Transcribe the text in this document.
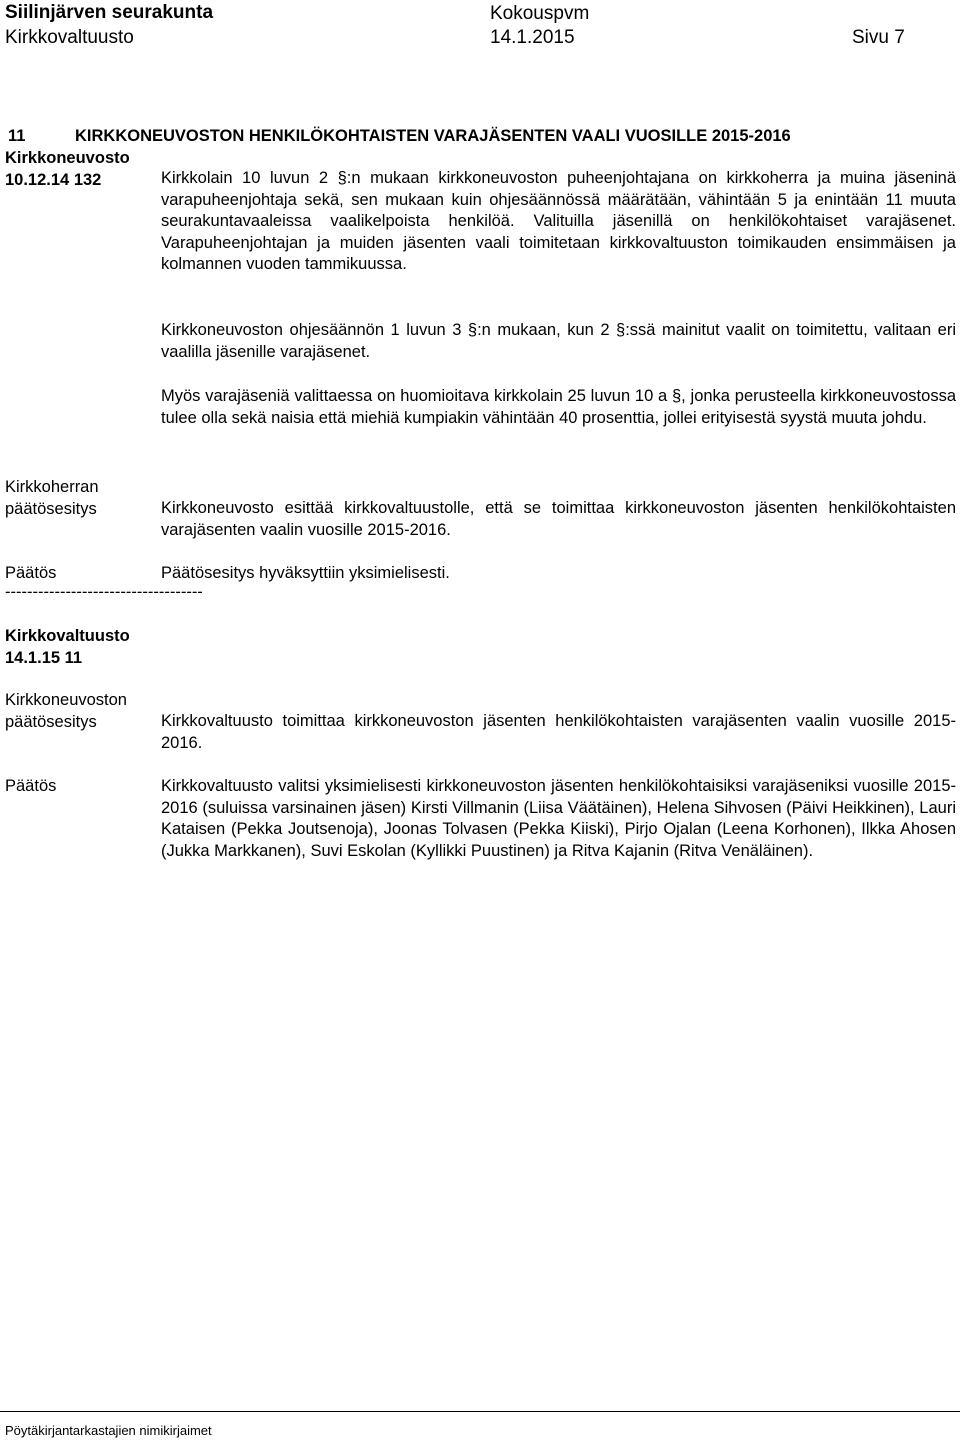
Siilinjärven seurakunta	Kokouspvm
Kirkkovaltuusto	14.1.2015	Sivu 7
11	KIRKKONEUVOSTON HENKILÖKOHTAISTEN VARAJÄSENTEN VAALI VUOSILLE 2015-2016
Kirkkoneuvosto
10.12.14 132	Kirkkolain 10 luvun 2 §:n mukaan kirkkoneuvoston puheenjohtajana on kirkkoherra ja muina jäseninä varapuheenjohtaja sekä, sen mukaan kuin ohjesäännössä määrätään, vähintään 5 ja enintään 11 muuta seurakuntavaaleissa vaalikelpoista henkilöä. Valituilla jäsenillä on henkilökohtaiset varajäsenet. Varapuheenjohtajan ja muiden jäsenten vaali toimitetaan kirkkovaltuuston toimikauden ensimmäisen ja kolmannen vuoden tammikuussa.
Kirkkoneuvoston ohjesäännön 1 luvun 3 §:n mukaan, kun 2 §:ssä mainitut vaalit on toimitettu, valitaan eri vaalilla jäsenille varajäsenet.
Myös varajäseniä valittaessa on huomioitava kirkkolain 25 luvun 10 a §, jonka perusteella kirkkoneuvostossa tulee olla sekä naisia että miehiä kumpiakin vähintään 40 prosenttia, jollei erityisestä syystä muuta johdu.
Kirkkoherran
päätösesitys	Kirkkoneuvosto esittää kirkkovaltuustolle, että se toimittaa kirkkoneuvoston jäsenten henkilökohtaisten varajäsenten vaalin vuosille 2015-2016.
Päätös	Päätösesitys hyväksyttiin yksimielisesti.
------------------------------------
Kirkkovaltuusto
14.1.15 11
Kirkkoneuvoston
päätösesitys	Kirkkovaltuusto toimittaa kirkkoneuvoston jäsenten henkilökohtaisten varajäsenten vaalin vuosille 2015-2016.
Päätös	Kirkkovaltuusto valitsi yksimielisesti kirkkoneuvoston jäsenten henkilökohtaisiksi varajäseniksi vuosille 2015-2016 (suluissa varsinainen jäsen) Kirsti Villmanin (Liisa Väätäinen), Helena Sihvosen (Päivi Heikkinen), Lauri Kataisen (Pekka Joutsenoja), Joonas Tolvasen (Pekka Kiiski), Pirjo Ojalan (Leena Korhonen), Ilkka Ahosen (Jukka Markkanen), Suvi Eskolan (Kyllikki Puustinen) ja Ritva Kajanin (Ritva Venäläinen).
Pöytäkirjantarkastajien nimikirjaimet
